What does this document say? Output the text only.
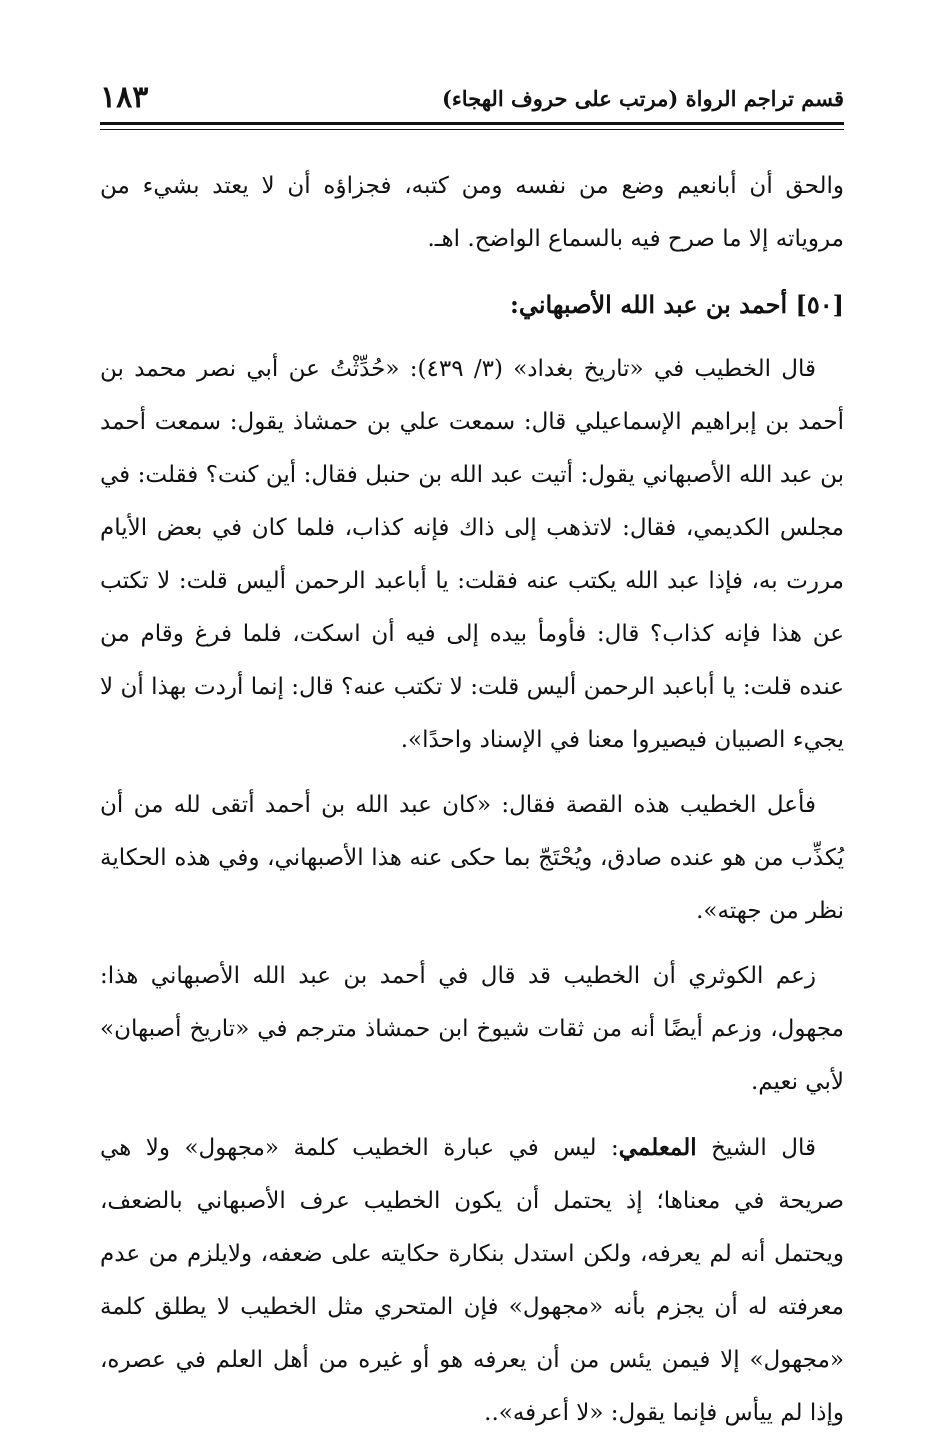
قسم تراجم الرواة (مرتب على حروف الهجاء)
١٨٣

والحق أن أبانعيم وضع من نفسه ومن كتبه، فجزاؤه أن لا يعتد بشيء من مروياته إلا ما صرح فيه بالسماع الواضح. اهـ.

[٥٠] أحمد بن عبد الله الأصبهاني:

قال الخطيب في «تاريخ بغداد» (٣/ ٤٣٩): «حُدِّثْتُ عن أبي نصر محمد بن أحمد بن إبراهيم الإسماعيلي قال: سمعت علي بن حمشاذ يقول: سمعت أحمد بن عبد الله الأصبهاني يقول: أتيت عبد الله بن حنبل فقال: أين كنت؟ فقلت: في مجلس الكديمي، فقال: لاتذهب إلى ذاك فإنه كذاب، فلما كان في بعض الأيام مررت به، فإذا عبد الله يكتب عنه فقلت: يا أباعبد الرحمن أليس قلت: لا تكتب عن هذا فإنه كذاب؟ قال: فأومأ بيده إلى فيه أن اسكت، فلما فرغ وقام من عنده قلت: يا أباعبد الرحمن أليس قلت: لا تكتب عنه؟ قال: إنما أردت بهذا أن لا يجيء الصبيان فيصيروا معنا في الإسناد واحدًا».

فأعل الخطيب هذه القصة فقال: «كان عبد الله بن أحمد أتقى لله من أن يُكذِّب من هو عنده صادق، ويُحْتَجّ بما حكى عنه هذا الأصبهاني، وفي هذه الحكاية نظر من جهته».

زعم الكوثري أن الخطيب قد قال في أحمد بن عبد الله الأصبهاني هذا: مجهول، وزعم أيضًا أنه من ثقات شيوخ ابن حمشاذ مترجم في «تاريخ أصبهان» لأبي نعيم.

قال الشيخ المعلمي: ليس في عبارة الخطيب كلمة «مجهول» ولا هي صريحة في معناها؛ إذ يحتمل أن يكون الخطيب عرف الأصبهاني بالضعف، ويحتمل أنه لم يعرفه، ولكن استدل بنكارة حكايته على ضعفه، ولايلزم من عدم معرفته له أن يجزم بأنه «مجهول» فإن المتحري مثل الخطيب لا يطلق كلمة «مجهول» إلا فيمن يئس من أن يعرفه هو أو غيره من أهل العلم في عصره، وإذا لم ييأس فإنما يقول: «لا أعرفه»..
